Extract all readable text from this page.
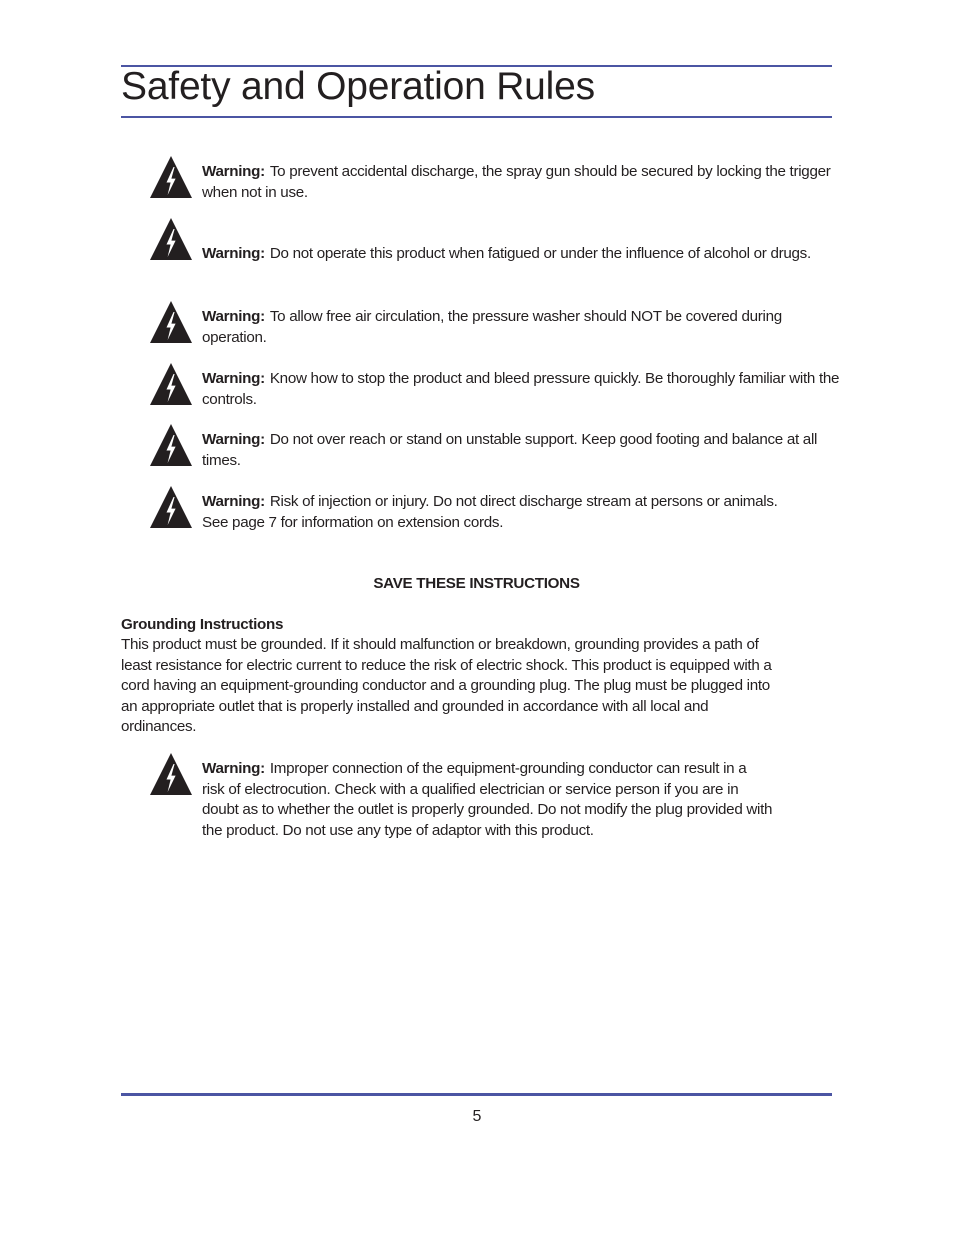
Safety and Operation Rules
Warning: To prevent accidental discharge, the spray gun should be secured by locking the trigger
when not in use.
Warning: Do not operate this product when fatigued or under the influence of alcohol or drugs.
Warning: To allow free air circulation, the pressure washer should NOT be covered during
operation.
Warning: Know how to stop the product and bleed pressure quickly. Be thoroughly familiar with the
controls.
Warning: Do not over reach or stand on unstable support. Keep good footing and balance at all
times.
Warning: Risk of injection or injury. Do not direct discharge stream at persons or animals.
See page 7 for information on extension cords.
SAVE THESE INSTRUCTIONS
Grounding Instructions
This product must be grounded. If it should malfunction or breakdown, grounding provides a path of
least resistance for electric current to reduce the risk of electric shock. This product is equipped with a
cord having an equipment-grounding conductor and a grounding plug. The plug must be plugged into
an appropriate outlet that is properly installed and grounded in accordance with all local and
ordinances.
Warning: Improper connection of the equipment-grounding conductor can result in a
risk of electrocution. Check with a qualified electrician or service person if you are in
doubt as to whether the outlet is properly grounded. Do not modify the plug provided with
the product. Do not use any type of adaptor with this product.
5
